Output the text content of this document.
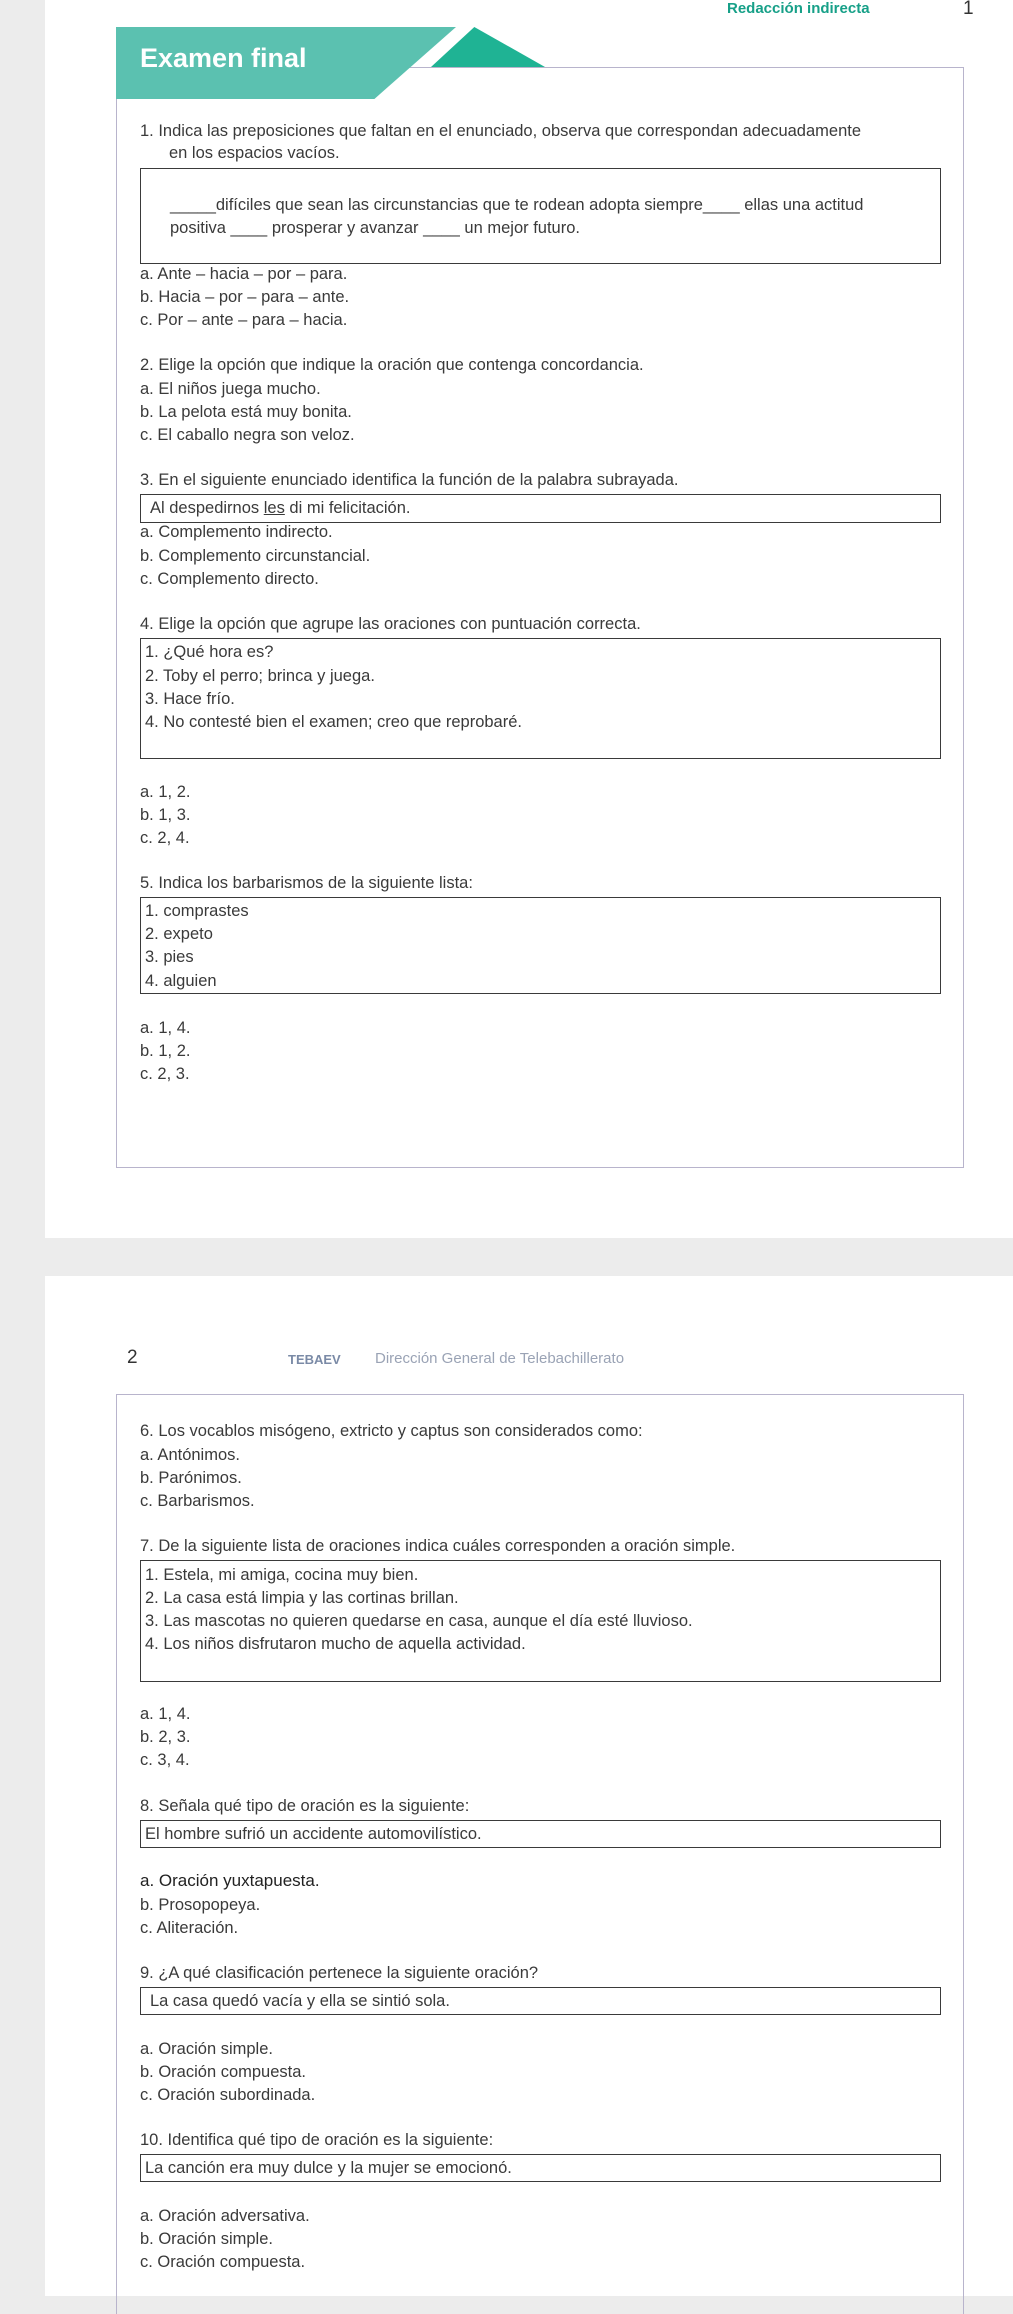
Redacción indirecta	1
Examen final
1. Indica las preposiciones que faltan en el enunciado, observa que correspondan adecuadamente
en los espacios vacíos.
_____difíciles que sean las circunstancias que te rodean adopta siempre____ ellas una actitud
positiva ____ prosperar y avanzar ____ un mejor futuro.
a. Ante – hacia – por – para.
b. Hacia – por – para – ante.
c. Por – ante – para – hacia.
2. Elige la opción que indique la oración que contenga concordancia.
a. El niños juega mucho.
b. La pelota está muy bonita.
c. El caballo negra son veloz.
3. En el siguiente enunciado identifica la función de la palabra subrayada.
Al despedirnos les di mi felicitación.
a. Complemento indirecto.
b. Complemento circunstancial.
c. Complemento directo.
4. Elige la opción que agrupe las oraciones con puntuación correcta.
1. ¿Qué hora es?
2. Toby el perro; brinca y juega.
3. Hace frío.
4. No contesté bien el examen; creo que reprobaré.
a. 1, 2.
b. 1, 3.
c. 2, 4.
5. Indica los barbarismos de la siguiente lista:
1. comprastes
2. expeto
3. pies
4. alguien
a. 1, 4.
b. 1, 2.
c. 2, 3.
2	TEBAEV Dirección General de Telebachillerato
6. Los vocablos misógeno, extricto y captus son considerados como:
a. Antónimos.
b. Parónimos.
c. Barbarismos.
7. De la siguiente lista de oraciones indica cuáles corresponden a oración simple.
1. Estela, mi amiga, cocina muy bien.
2. La casa está limpia y las cortinas brillan.
3. Las mascotas no quieren quedarse en casa, aunque el día esté lluvioso.
4. Los niños disfrutaron mucho de aquella actividad.
a. 1, 4.
b. 2, 3.
c. 3, 4.
8. Señala qué tipo de oración es la siguiente:
El hombre sufrió un accidente automovilístico.
a. Oración yuxtapuesta.
b. Prosopopeya.
c. Aliteración.
9. ¿A qué clasificación pertenece la siguiente oración?
La casa quedó vacía y ella se sintió sola.
a. Oración simple.
b. Oración compuesta.
c. Oración subordinada.
10. Identifica qué tipo de oración es la siguiente:
La canción era muy dulce y la mujer se emocionó.
a. Oración adversativa.
b. Oración simple.
c. Oración compuesta.
